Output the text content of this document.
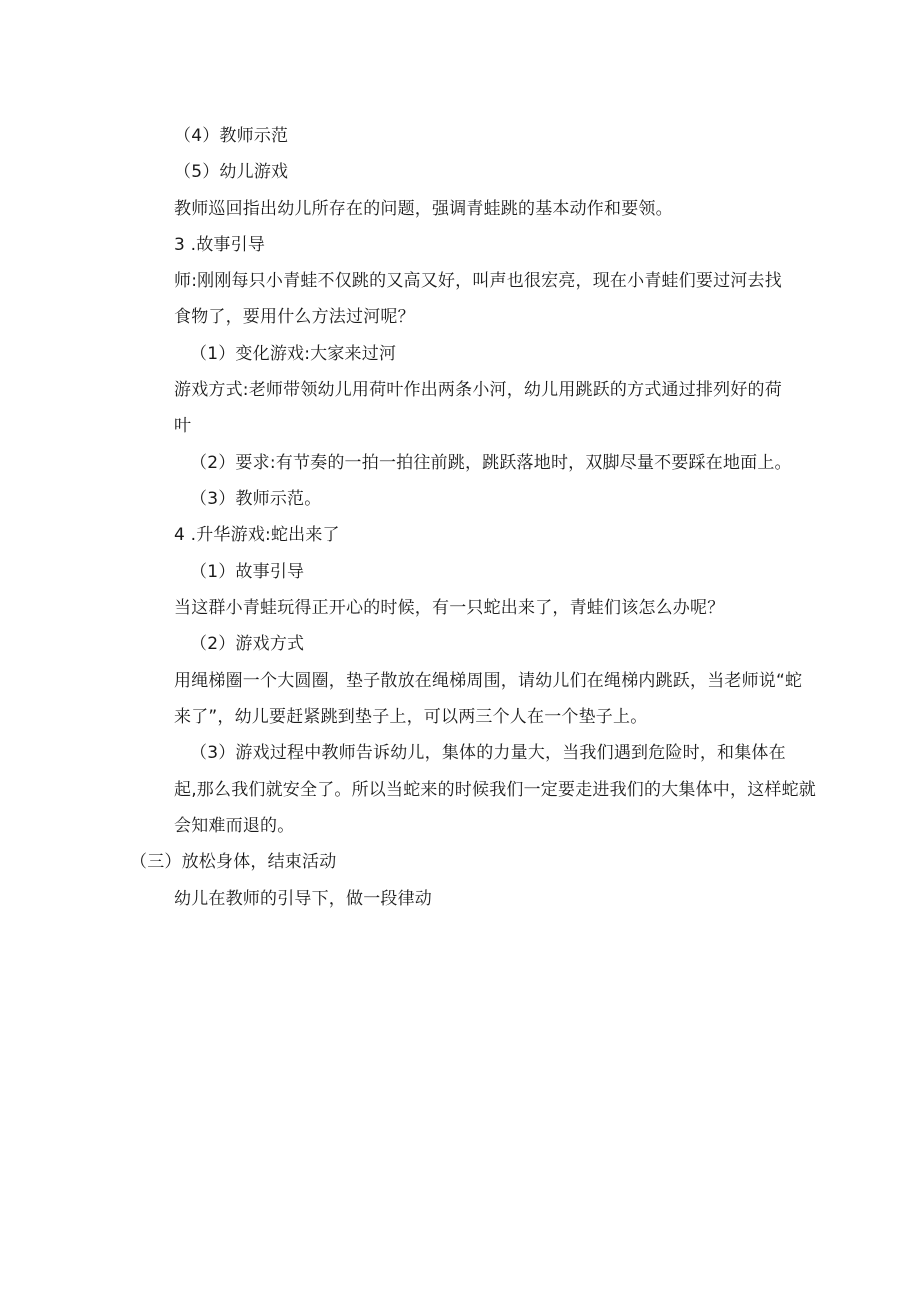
（4）教师示范
（5）幼儿游戏
教师巡回指出幼儿所存在的问题，强调青蛙跳的基本动作和要领。
3 .故事引导
师:刚刚每只小青蛙不仅跳的又高又好，叫声也很宏亮，现在小青蛙们要过河去找
食物了，要用什么方法过河呢？
（1）变化游戏:大家来过河
游戏方式:老师带领幼儿用荷叶作出两条小河，幼儿用跳跃的方式通过排列好的荷
叶
（2）要求:有节奏的一拍一拍往前跳，跳跃落地时，双脚尽量不要踩在地面上。
（3）教师示范。
4 .升华游戏:蛇出来了
（1）故事引导
当这群小青蛙玩得正开心的时候，有一只蛇出来了，青蛙们该怎么办呢？
（2）游戏方式
用绳梯圈一个大圆圈，垫子散放在绳梯周围，请幼儿们在绳梯内跳跃，当老师说“蛇
来了”，幼儿要赶紧跳到垫子上，可以两三个人在一个垫子上。
（3）游戏过程中教师告诉幼儿，集体的力量大，当我们遇到危险时，和集体在
起,那么我们就安全了。所以当蛇来的时候我们一定要走进我们的大集体中，这样蛇就
会知难而退的。
（三）放松身体，结束活动
幼儿在教师的引导下，做一段律动
